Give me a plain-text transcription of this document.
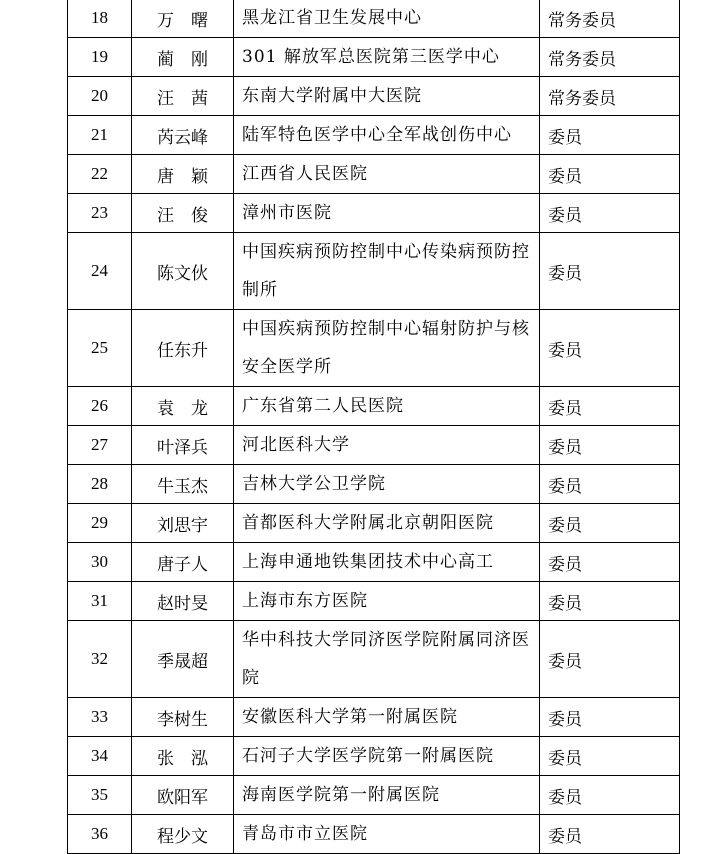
18	万　曙	黑龙江省卫生发展中心	常务委员
19	蔺　刚	301 解放军总医院第三医学中心	常务委员
20	汪　茜	东南大学附属中大医院	常务委员
21	芮云峰	陆军特色医学中心全军战创伤中心	委员
22	唐　颖	江西省人民医院	委员
23	汪　俊	漳州市医院	委员
24	陈文伙	中国疾病预防控制中心传染病预防控制所	委员
25	任东升	中国疾病预防控制中心辐射防护与核安全医学所	委员
26	袁　龙	广东省第二人民医院	委员
27	叶泽兵	河北医科大学	委员
28	牛玉杰	吉林大学公卫学院	委员
29	刘思宇	首都医科大学附属北京朝阳医院	委员
30	唐子人	上海申通地铁集团技术中心高工	委员
31	赵时旻	上海市东方医院	委员
32	季晟超	华中科技大学同济医学院附属同济医院	委员
33	李树生	安徽医科大学第一附属医院	委员
34	张　泓	石河子大学医学院第一附属医院	委员
35	欧阳军	海南医学院第一附属医院	委员
36	程少文	青岛市市立医院	委员
